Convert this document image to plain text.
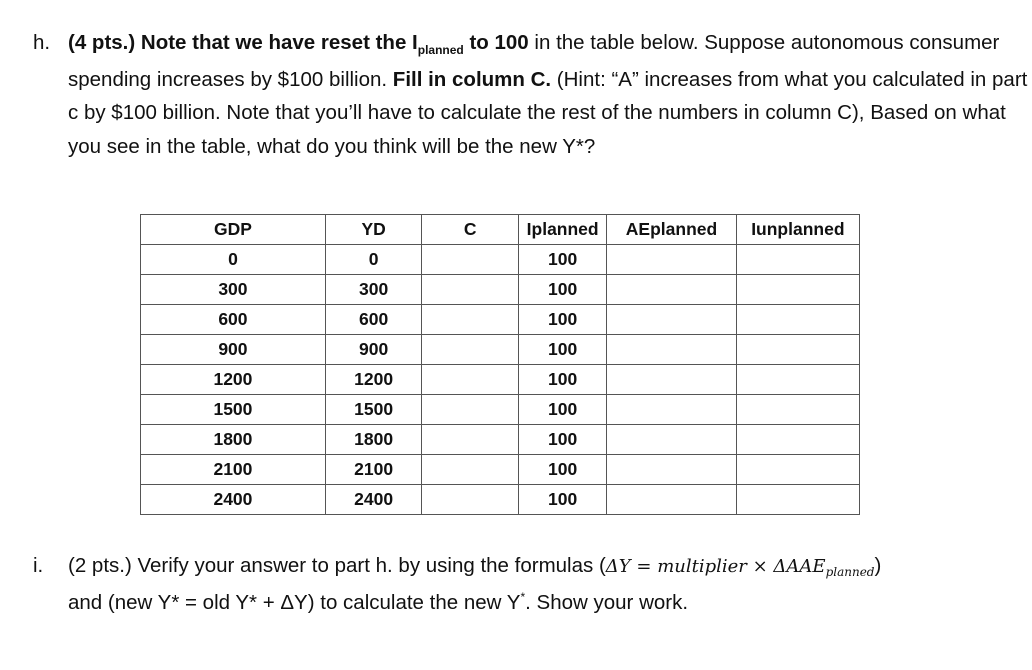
h. (4 pts.) Note that we have reset the $I_{planned}$ to 100 in the table below. Suppose autonomous consumer spending increases by $100 billion. Fill in column C. (Hint: “A” increases from what you calculated in part c by $100 billion. Note that you’ll have to calculate the rest of the numbers in column C), Based on what you see in the table, what do you think will be the new Y*?
GDP	YD	C	Iplanned	AEplanned	Iunplanned
0	0		100		
300	300		100		
600	600		100		
900	900		100		
1200	1200		100		
1500	1500		100		
1800	1800		100		
2100	2100		100		
2400	2400		100		
i. (2 pts.) Verify your answer to part h. by using the formulas (ΔY = multiplier × $\Delta AAE_{planned}$)
and (new Y* = old Y* + ΔY) to calculate the new Y*. Show your work.
